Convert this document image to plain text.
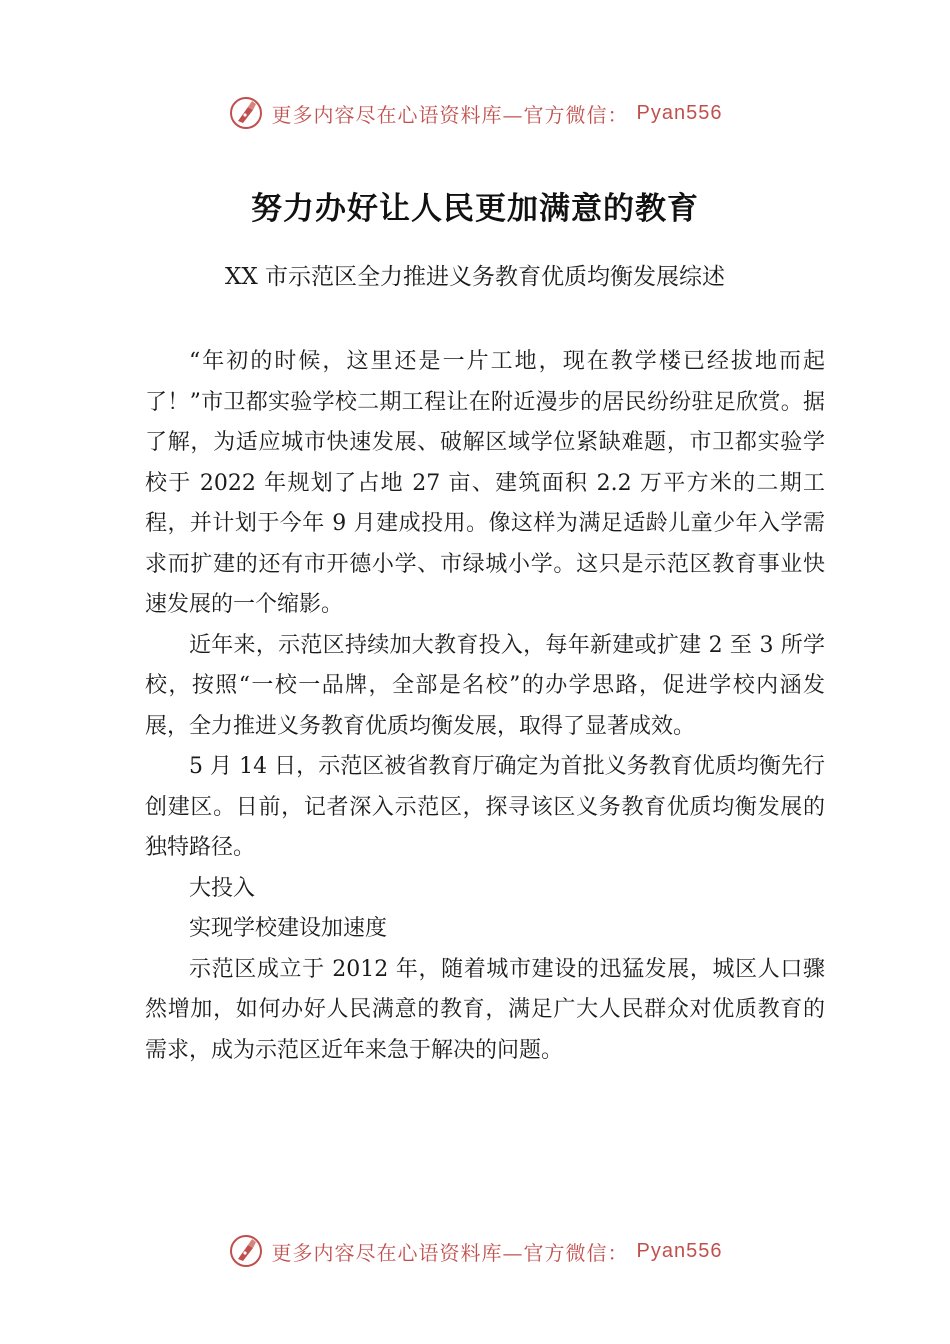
更多内容尽在心语资料库—官方微信： Pyan556
努力办好让人民更加满意的教育
XX 市示范区全力推进义务教育优质均衡发展综述

“年初的时候，这里还是一片工地，现在教学楼已经拔地而起了！”市卫都实验学校二期工程让在附近漫步的居民纷纷驻足欣赏。据了解，为适应城市快速发展、破解区域学位紧缺难题，市卫都实验学校于 2022 年规划了占地 27 亩、建筑面积 2.2 万平方米的二期工程，并计划于今年 9 月建成投用。像这样为满足适龄儿童少年入学需求而扩建的还有市开德小学、市绿城小学。这只是示范区教育事业快速发展的一个缩影。

近年来，示范区持续加大教育投入，每年新建或扩建 2 至 3 所学校，按照“一校一品牌，全部是名校”的办学思路，促进学校内涵发展，全力推进义务教育优质均衡发展，取得了显著成效。

5 月 14 日，示范区被省教育厅确定为首批义务教育优质均衡先行创建区。日前，记者深入示范区，探寻该区义务教育优质均衡发展的独特路径。

大投入

实现学校建设加速度

示范区成立于 2012 年，随着城市建设的迅猛发展，城区人口骤然增加，如何办好人民满意的教育，满足广大人民群众对优质教育的需求，成为示范区近年来急于解决的问题。

更多内容尽在心语资料库—官方微信： Pyan556
